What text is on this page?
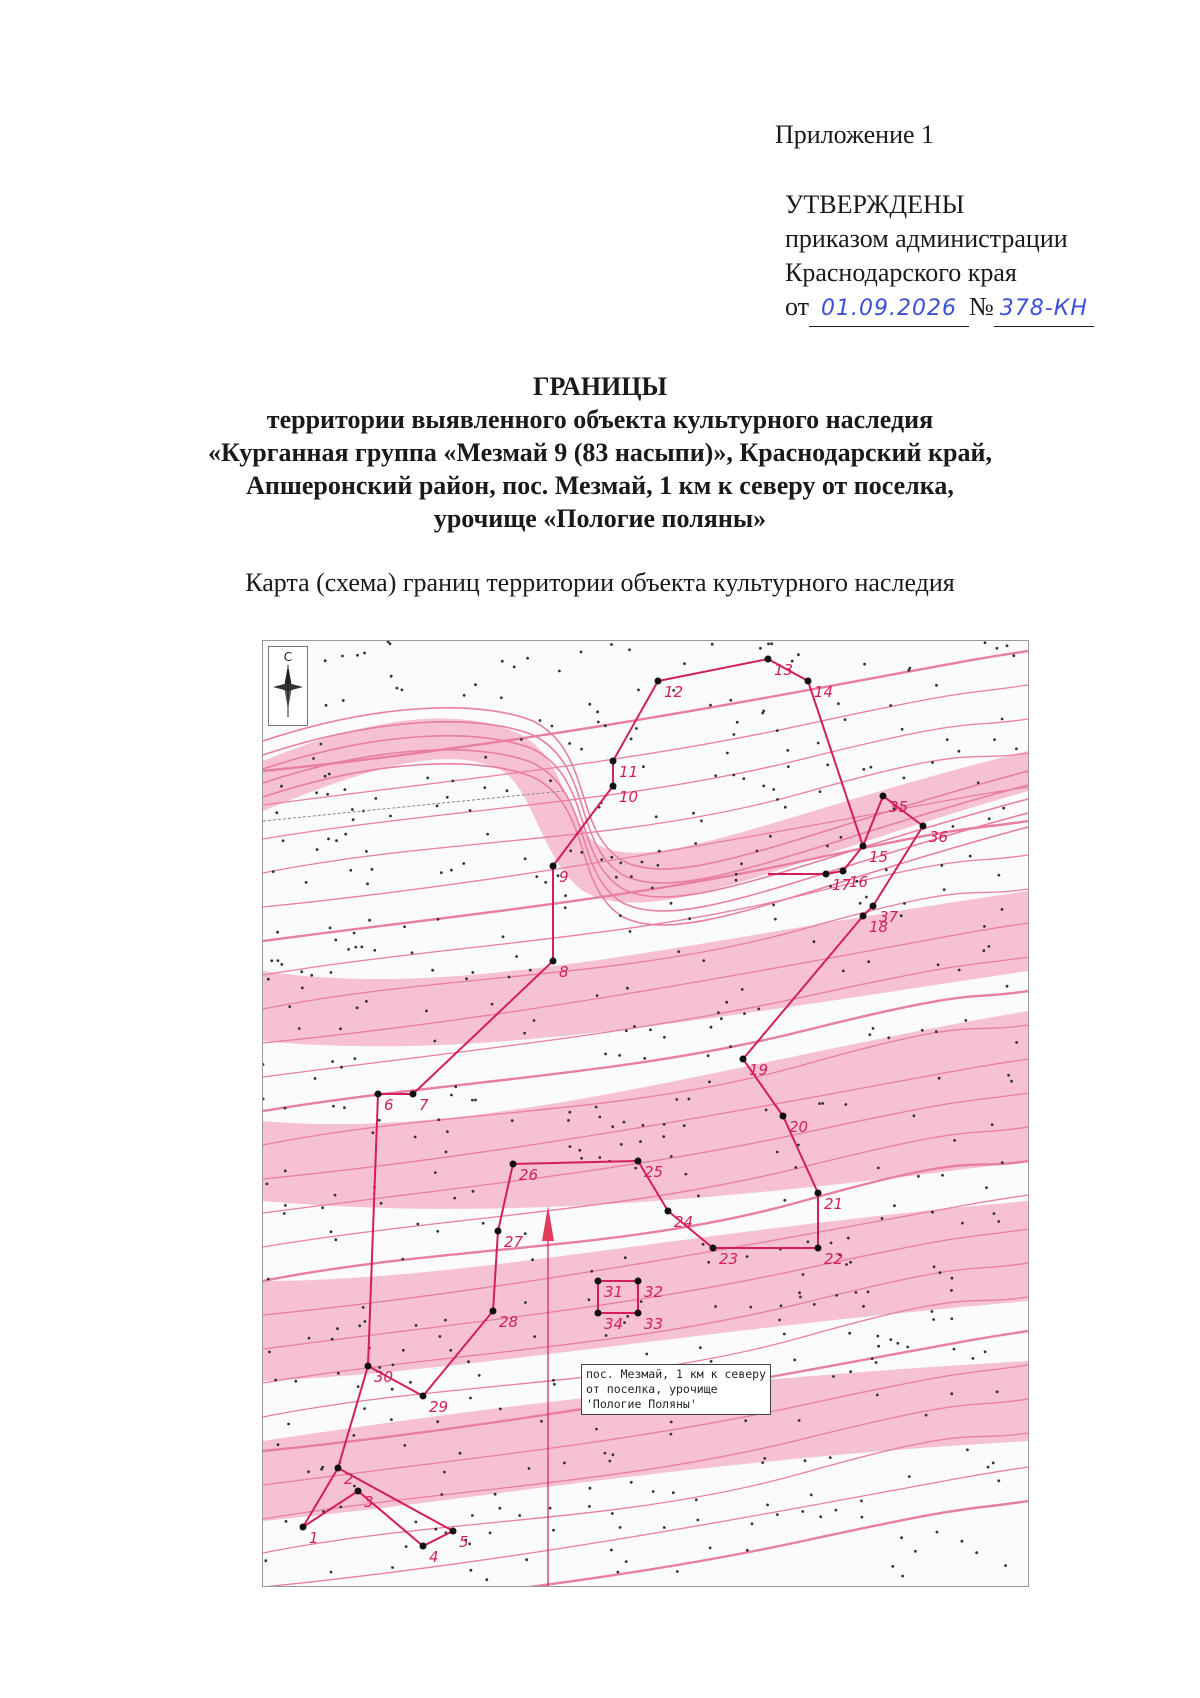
Приложение 1
УТВЕРЖДЕНЫ
приказом администрации
Краснодарского края
от 01.09.2026 № 378-КН
ГРАНИЦЫ
территории выявленного объекта культурного наследия
«Курганная группа «Мезмай 9 (83 насыпи)», Краснодарский край,
Апшеронский район, пос. Мезмай, 1 км к северу от поселка,
урочище «Пологие поляны»
Карта (схема) границ территории объекта культурного наследия
1
2
3
4
5
6 7
8
9
10
11
12
13
14
15
16
17
18
19
20
21
22
23
24
25
26
27
28
29
30
31 32
33
34
35
36
37
С
пос. Мезмай, 1 км к северу от поселка, урочище 'Пологие Поляны'
